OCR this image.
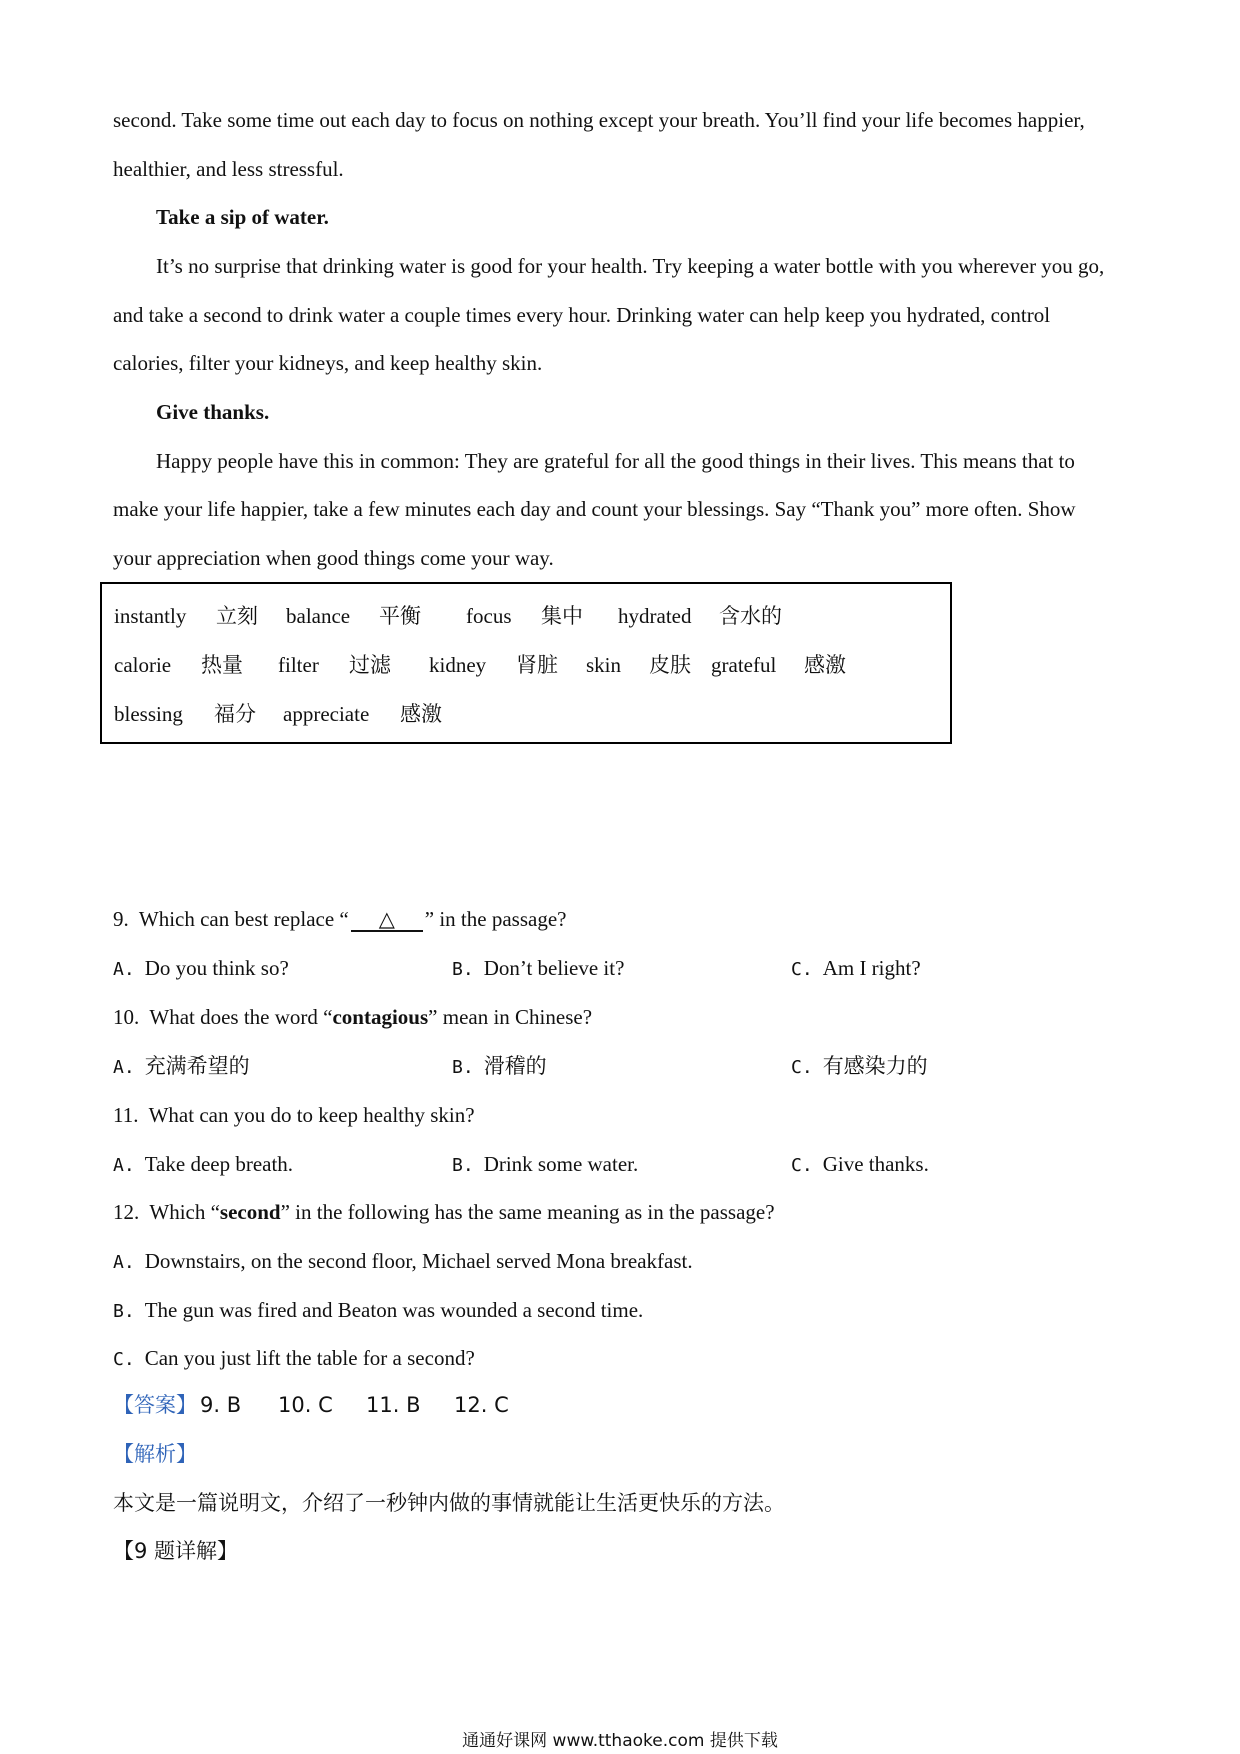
second. Take some time out each day to focus on nothing except your breath. You’ll find your life becomes happier,
healthier, and less stressful.
Take a sip of water.
It’s no surprise that drinking water is good for your health. Try keeping a water bottle with you wherever you go,
and take a second to drink water a couple times every hour. Drinking water can help keep you hydrated, control
calories, filter your kidneys, and keep healthy skin.
Give thanks.
Happy people have this in common: They are grateful for all the good things in their lives. This means that to
make your life happier, take a few minutes each day and count your blessings. Say “Thank you” more often. Show
your appreciation when good things come your way.
instantly 立刻 balance 平衡 focus 集中 hydrated 含水的
calorie 热量 filter 过滤 kidney 肾脏 skin 皮肤 grateful 感激
blessing 福分 appreciate 感激
9. Which can best replace “ △ ” in the passage?
A. Do you think so?	B. Don’t believe it?	C. Am I right?
10. What does the word “contagious” mean in Chinese?
A. 充满希望的	B. 滑稽的	C. 有感染力的
11. What can you do to keep healthy skin?
A. Take deep breath.	B. Drink some water.	C. Give thanks.
12. Which “second” in the following has the same meaning as in the passage?
A. Downstairs, on the second floor, Michael served Mona breakfast.
B. The gun was fired and Beaton was wounded a second time.
C. Can you just lift the table for a second?
【答案】 9. B 10. C 11. B 12. C
【解析】
本文是一篇说明文，介绍了一秒钟内做的事情就能让生活更快乐的方法。
【9 题详解】
通通好课网 www.tthaoke.com 提供下载
